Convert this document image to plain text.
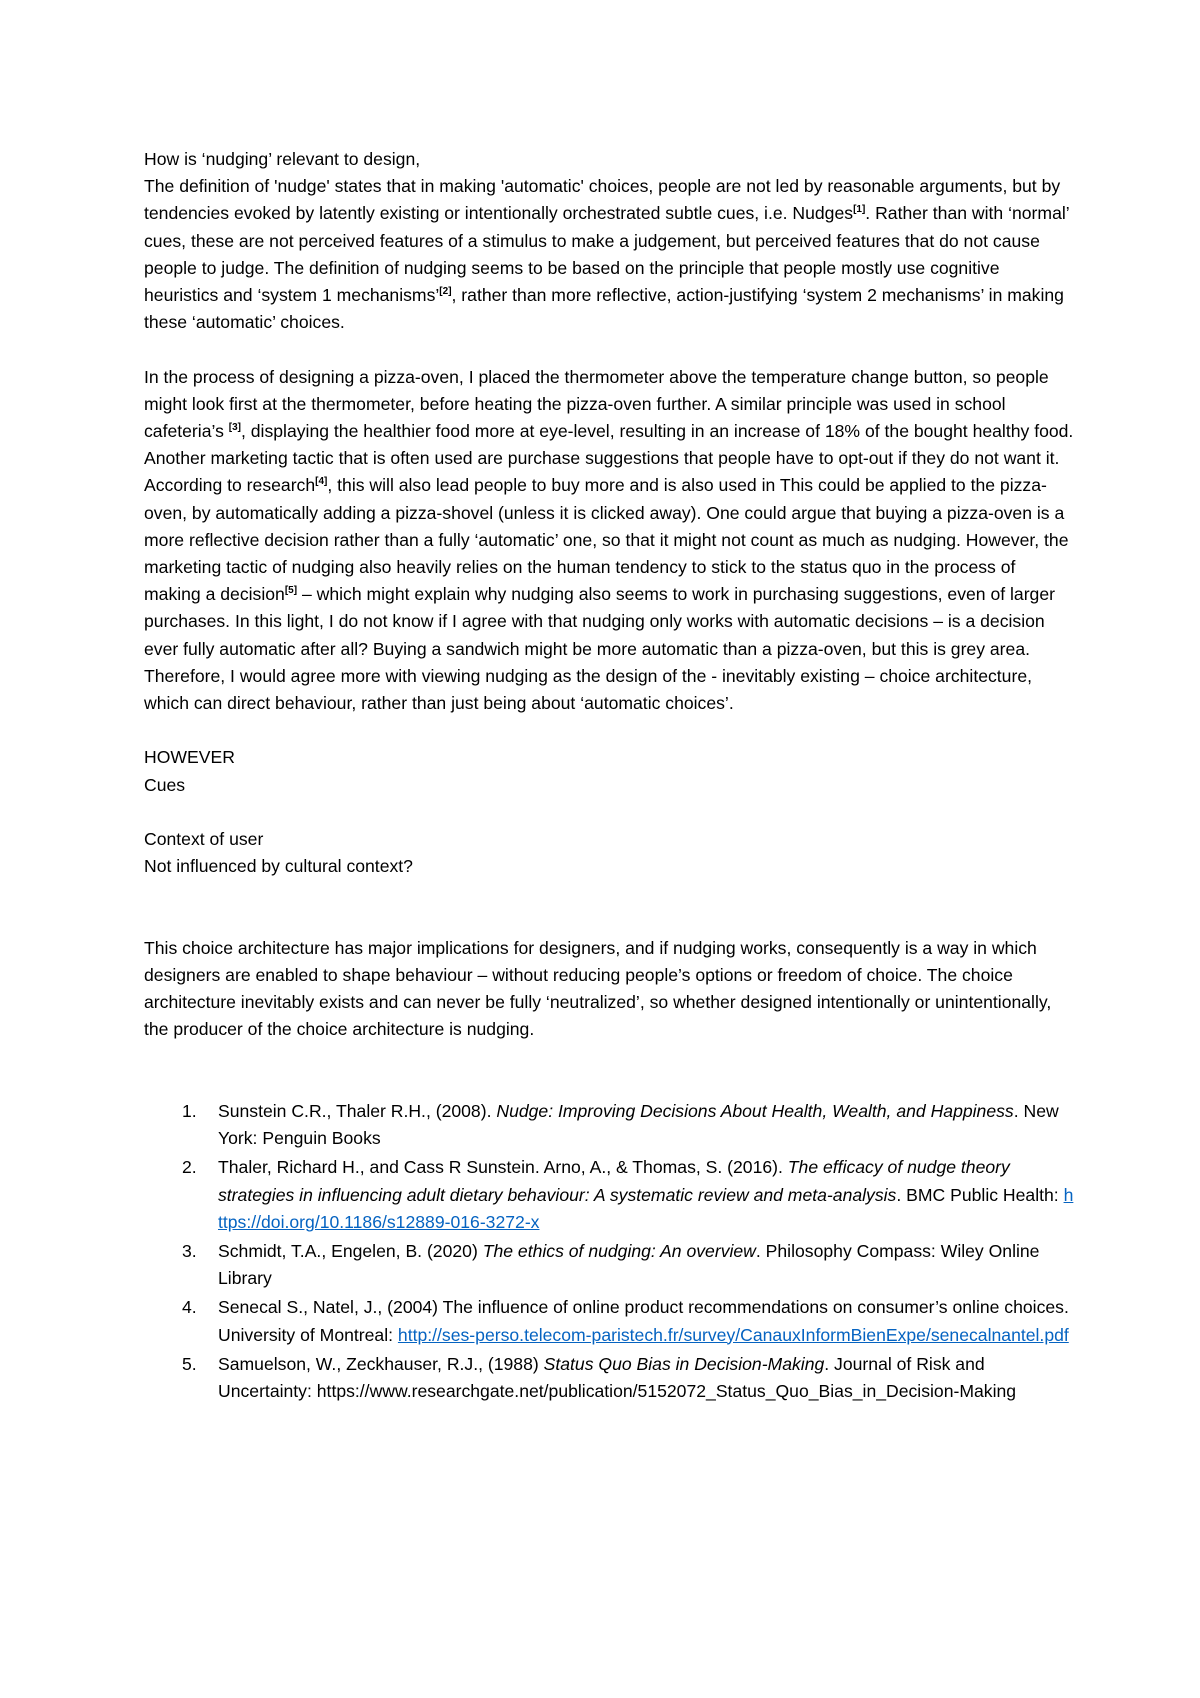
How is ‘nudging’ relevant to design,

The definition of 'nudge' states that in making 'automatic' choices, people are not led by reasonable arguments, but by tendencies evoked by latently existing or intentionally orchestrated subtle cues, i.e. Nudges[1]. Rather than with ‘normal’ cues, these are not perceived features of a stimulus to make a judgement, but perceived features that do not cause people to judge. The definition of nudging seems to be based on the principle that people mostly use cognitive heuristics and ‘system 1 mechanisms’[2], rather than more reflective, action-justifying ‘system 2 mechanisms’ in making these ‘automatic’ choices.

In the process of designing a pizza-oven, I placed the thermometer above the temperature change button, so people might look first at the thermometer, before heating the pizza-oven further. A similar principle was used in school cafeteria’s [3], displaying the healthier food more at eye-level, resulting in an increase of 18% of the bought healthy food. Another marketing tactic that is often used are purchase suggestions that people have to opt-out if they do not want it. According to research[4], this will also lead people to buy more and is also used in This could be applied to the pizza-oven, by automatically adding a pizza-shovel (unless it is clicked away). One could argue that buying a pizza-oven is a more reflective decision rather than a fully ‘automatic’ one, so that it might not count as much as nudging. However, the marketing tactic of nudging also heavily relies on the human tendency to stick to the status quo in the process of making a decision[5] – which might explain why nudging also seems to work in purchasing suggestions, even of larger purchases. In this light, I do not know if I agree with that nudging only works with automatic decisions – is a decision ever fully automatic after all? Buying a sandwich might be more automatic than a pizza-oven, but this is grey area. Therefore, I would agree more with viewing nudging as the design of the - inevitably existing – choice architecture, which can direct behaviour, rather than just being about ‘automatic choices’.

HOWEVER

Cues

Context of user

Not influenced by cultural context?

This choice architecture has major implications for designers, and if nudging works, consequently is a way in which designers are enabled to shape behaviour – without reducing people’s options or freedom of choice. The choice architecture inevitably exists and can never be fully ‘neutralized’, so whether designed intentionally or unintentionally, the producer of the choice architecture is nudging.

1. Sunstein C.R., Thaler R.H., (2008). Nudge: Improving Decisions About Health, Wealth, and Happiness. New York: Penguin Books
2. Thaler, Richard H., and Cass R Sunstein. Arno, A., & Thomas, S. (2016). The efficacy of nudge theory strategies in influencing adult dietary behaviour: A systematic review and meta-analysis. BMC Public Health: https://doi.org/10.1186/s12889-016-3272-x
3. Schmidt, T.A., Engelen, B. (2020) The ethics of nudging: An overview. Philosophy Compass: Wiley Online Library
4. Senecal S., Natel, J., (2004) The influence of online product recommendations on consumer’s online choices. University of Montreal: http://ses-perso.telecom-paristech.fr/survey/CanauxInformBienExpe/senecalnantel.pdf
5. Samuelson, W., Zeckhauser, R.J., (1988) Status Quo Bias in Decision-Making. Journal of Risk and Uncertainty: https://www.researchgate.net/publication/5152072_Status_Quo_Bias_in_Decision-Making
